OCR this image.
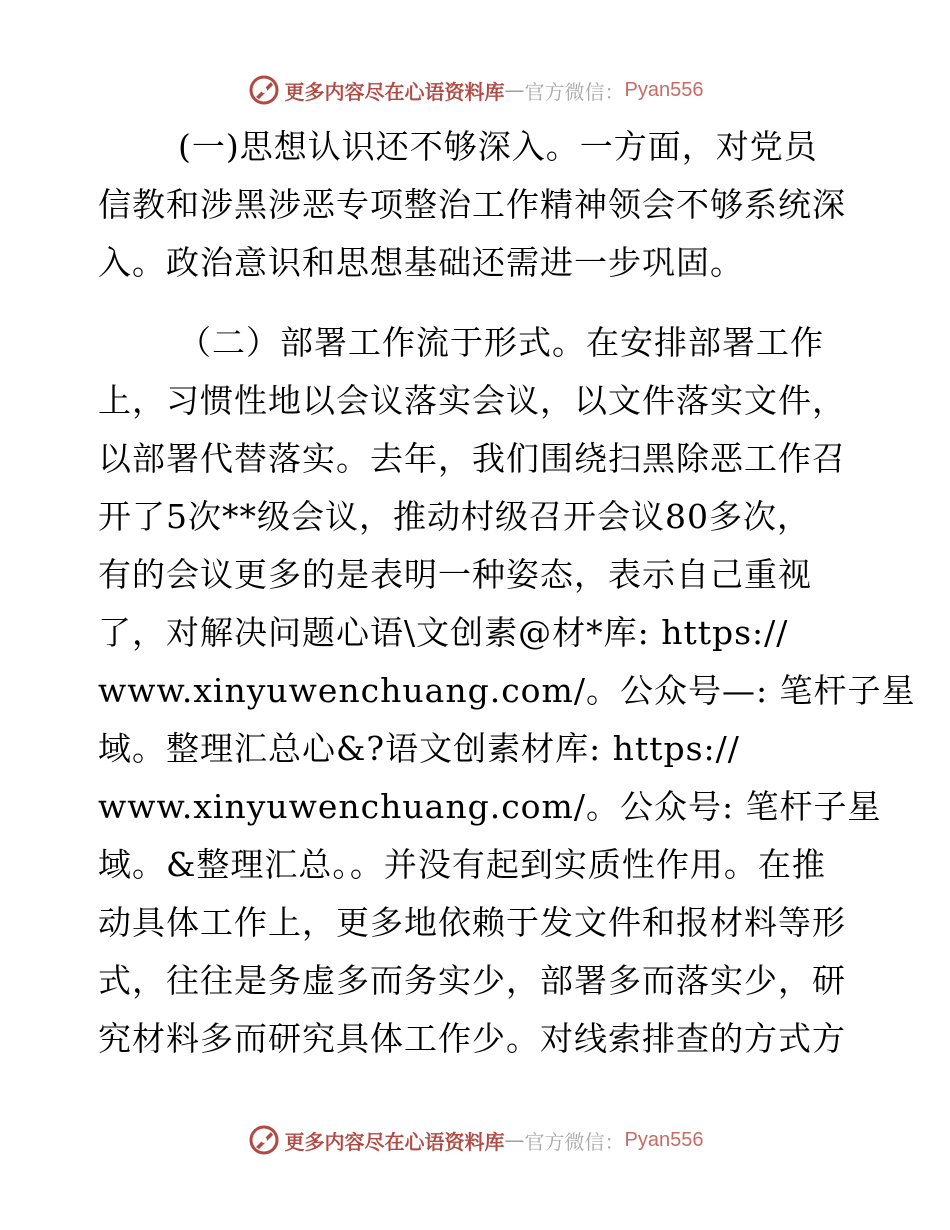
更多内容尽在心语资料库 — 官方微信： Pyan556
(一)思想认识还不够深入。一方面，对党员
信教和涉黑涉恶专项整治工作精神领会不够系统深
入。政治意识和思想基础还需进一步巩固。
（二）部署工作流于形式。在安排部署工作
上，习惯性地以会议落实会议，以文件落实文件，
以部署代替落实。去年，我们围绕扫黑除恶工作召
开了5次**级会议，推动村级召开会议80多次，
有的会议更多的是表明一种姿态，表示自己重视
了，对解决问题心语\文创素@材*库: https://
www.xinyuwenchuang.com/。公众号—: 笔杆子星
域。整理汇总心&?语文创素材库: https://
www.xinyuwenchuang.com/。公众号: 笔杆子星
域。&整理汇总。。并没有起到实质性作用。在推
动具体工作上，更多地依赖于发文件和报材料等形
式，往往是务虚多而务实少，部署多而落实少，研
究材料多而研究具体工作少。对线索排查的方式方
更多内容尽在心语资料库 — 官方微信： Pyan556
